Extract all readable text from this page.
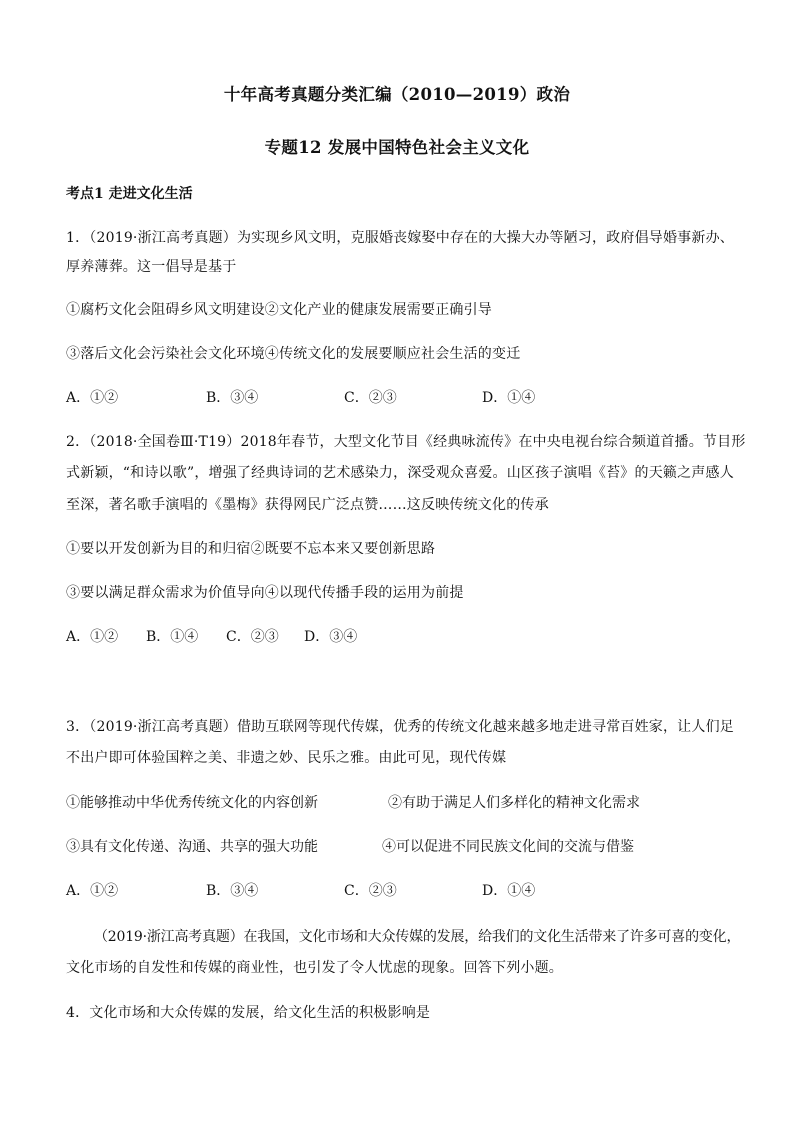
十年高考真题分类汇编（2010—2019）政治
专题12 发展中国特色社会主义文化
考点1 走进文化生活
1．（2019·浙江高考真题）为实现乡风文明，克服婚丧嫁娶中存在的大操大办等陋习，政府倡导婚事新办、
厚养薄葬。这一倡导是基于
①腐朽文化会阻碍乡风文明建设②文化产业的健康发展需要正确引导
③落后文化会污染社会文化环境④传统文化的发展要顺应社会生活的变迁
A．①②	B．③④	C．②③	D．①④
2．（2018·全国卷Ⅲ·T19）2018年春节，大型文化节目《经典咏流传》在中央电视台综合频道首播。节目形
式新颖，“和诗以歌”，增强了经典诗词的艺术感染力，深受观众喜爱。山区孩子演唱《苔》的天籁之声感人
至深，著名歌手演唱的《墨梅》获得网民广泛点赞……这反映传统文化的传承
①要以开发创新为目的和归宿②既要不忘本来又要创新思路
③要以满足群众需求为价值导向④以现代传播手段的运用为前提
A．①② B．①④ C．②③ D．③④
3．（2019·浙江高考真题）借助互联网等现代传媒，优秀的传统文化越来越多地走进寻常百姓家，让人们足
不出户即可体验国粹之美、非遗之妙、民乐之雅。由此可见，现代传媒
①能够推动中华优秀传统文化的内容创新	②有助于满足人们多样化的精神文化需求
③具有文化传递、沟通、共享的强大功能	④可以促进不同民族文化间的交流与借鉴
A．①②	B．③④	C．②③	D．①④
（2019·浙江高考真题）在我国，文化市场和大众传媒的发展，给我们的文化生活带来了许多可喜的变化，
文化市场的自发性和传媒的商业性，也引发了令人忧虑的现象。回答下列小题。
4．文化市场和大众传媒的发展，给文化生活的积极影响是
